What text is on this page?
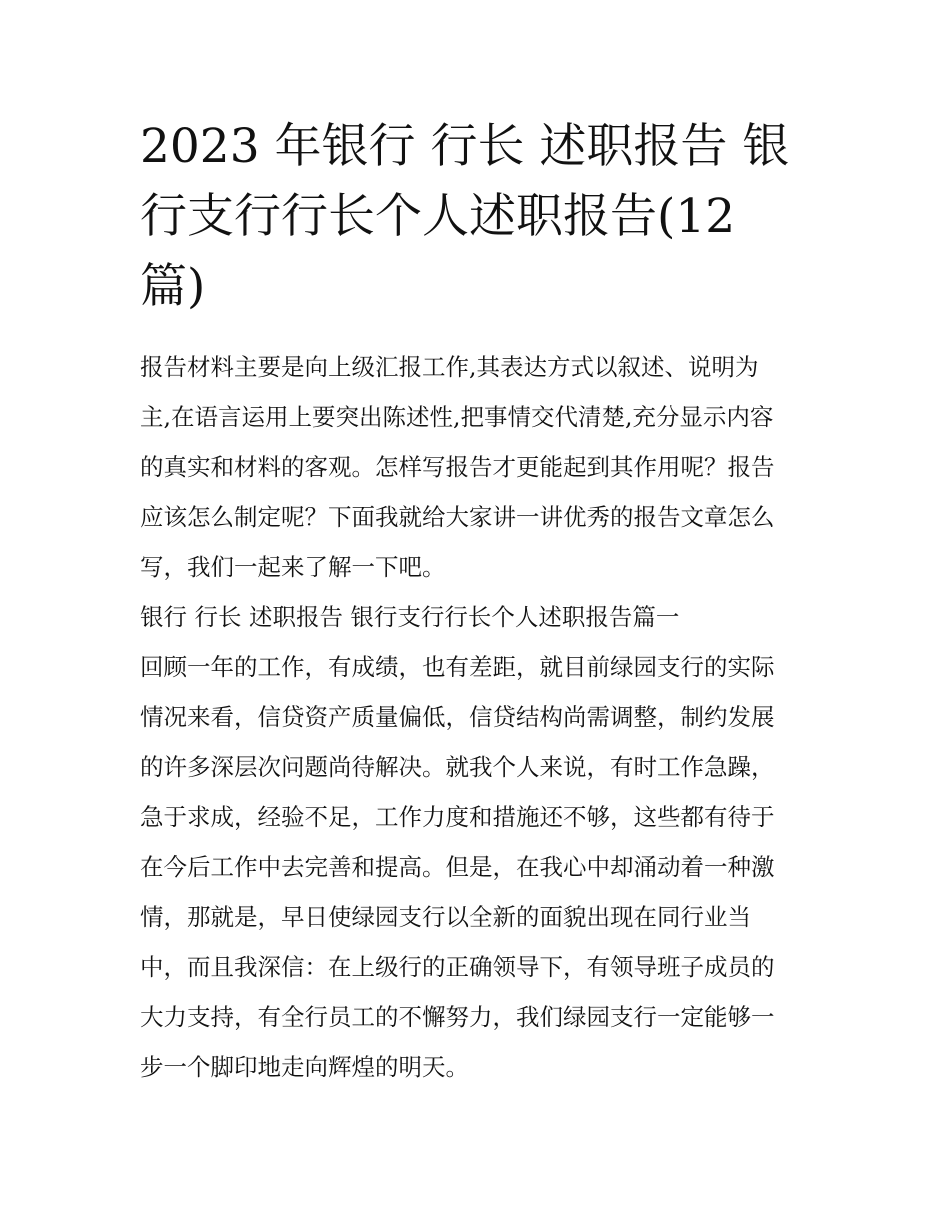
2023 年银行 行长 述职报告 银
行支行行长个人述职报告(12
篇)

报告材料主要是向上级汇报工作,其表达方式以叙述、说明为
主,在语言运用上要突出陈述性,把事情交代清楚,充分显示内容
的真实和材料的客观。怎样写报告才更能起到其作用呢？报告
应该怎么制定呢？下面我就给大家讲一讲优秀的报告文章怎么
写，我们一起来了解一下吧。

银行 行长 述职报告 银行支行行长个人述职报告篇一

回顾一年的工作，有成绩，也有差距，就目前绿园支行的实际
情况来看，信贷资产质量偏低，信贷结构尚需调整，制约发展
的许多深层次问题尚待解决。就我个人来说，有时工作急躁，
急于求成，经验不足，工作力度和措施还不够，这些都有待于
在今后工作中去完善和提高。但是，在我心中却涌动着一种激
情，那就是，早日使绿园支行以全新的面貌出现在同行业当
中，而且我深信：在上级行的正确领导下，有领导班子成员的
大力支持，有全行员工的不懈努力，我们绿园支行一定能够一
步一个脚印地走向辉煌的明天。
